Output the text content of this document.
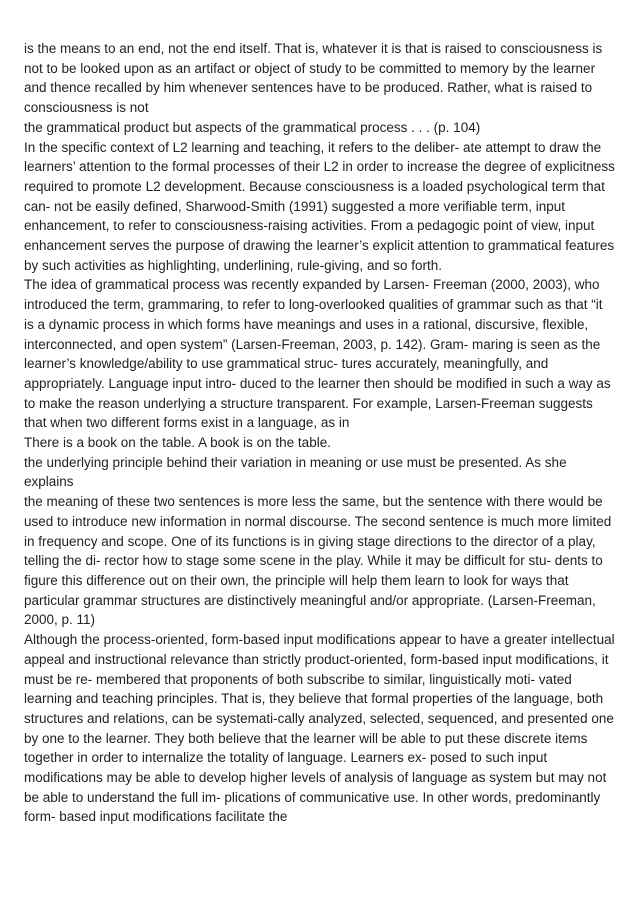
is the means to an end, not the end itself. That is, whatever it is that is raised to consciousness is not to be looked upon as an artifact or object of study to be committed to memory by the learner and thence recalled by him whenever sentences have to be produced. Rather, what is raised to consciousness is not

the grammatical product but aspects of the grammatical process . . . (p. 104)

In the specific context of L2 learning and teaching, it refers to the deliber- ate attempt to draw the learners’ attention to the formal processes of their L2 in order to increase the degree of explicitness required to promote L2 development. Because consciousness is a loaded psychological term that can- not be easily defined, Sharwood-Smith (1991) suggested a more verifiable term, input enhancement, to refer to consciousness-raising activities. From a pedagogic point of view, input enhancement serves the purpose of drawing the learner’s explicit attention to grammatical features by such activities as highlighting, underlining, rule-giving, and so forth.

The idea of grammatical process was recently expanded by Larsen- Freeman (2000, 2003), who introduced the term, grammaring, to refer to long-overlooked qualities of grammar such as that “it is a dynamic process in which forms have meanings and uses in a rational, discursive, flexible, interconnected, and open system” (Larsen-Freeman, 2003, p. 142). Gram- maring is seen as the learner’s knowledge/ability to use grammatical struc- tures accurately, meaningfully, and appropriately. Language input intro- duced to the learner then should be modified in such a way as to make the reason underlying a structure transparent. For example, Larsen-Freeman suggests that when two different forms exist in a language, as in

There is a book on the table. A book is on the table.

the underlying principle behind their variation in meaning or use must be presented. As she explains

the meaning of these two sentences is more less the same, but the sentence with there would be used to introduce new information in normal discourse. The second sentence is much more limited in frequency and scope. One of its functions is in giving stage directions to the director of a play, telling the di- rector how to stage some scene in the play. While it may be difficult for stu- dents to figure this difference out on their own, the principle will help them learn to look for ways that particular grammar structures are distinctively meaningful and/or appropriate. (Larsen-Freeman, 2000, p. 11)

Although the process-oriented, form-based input modifications appear to have a greater intellectual appeal and instructional relevance than strictly product-oriented, form-based input modifications, it must be re- membered that proponents of both subscribe to similar, linguistically moti- vated learning and teaching principles. That is, they believe that formal properties of the language, both structures and relations, can be systemati-cally analyzed, selected, sequenced, and presented one by one to the learner. They both believe that the learner will be able to put these discrete items together in order to internalize the totality of language. Learners ex- posed to such input modifications may be able to develop higher levels of analysis of language as system but may not be able to understand the full im- plications of communicative use. In other words, predominantly form- based input modifications facilitate the
